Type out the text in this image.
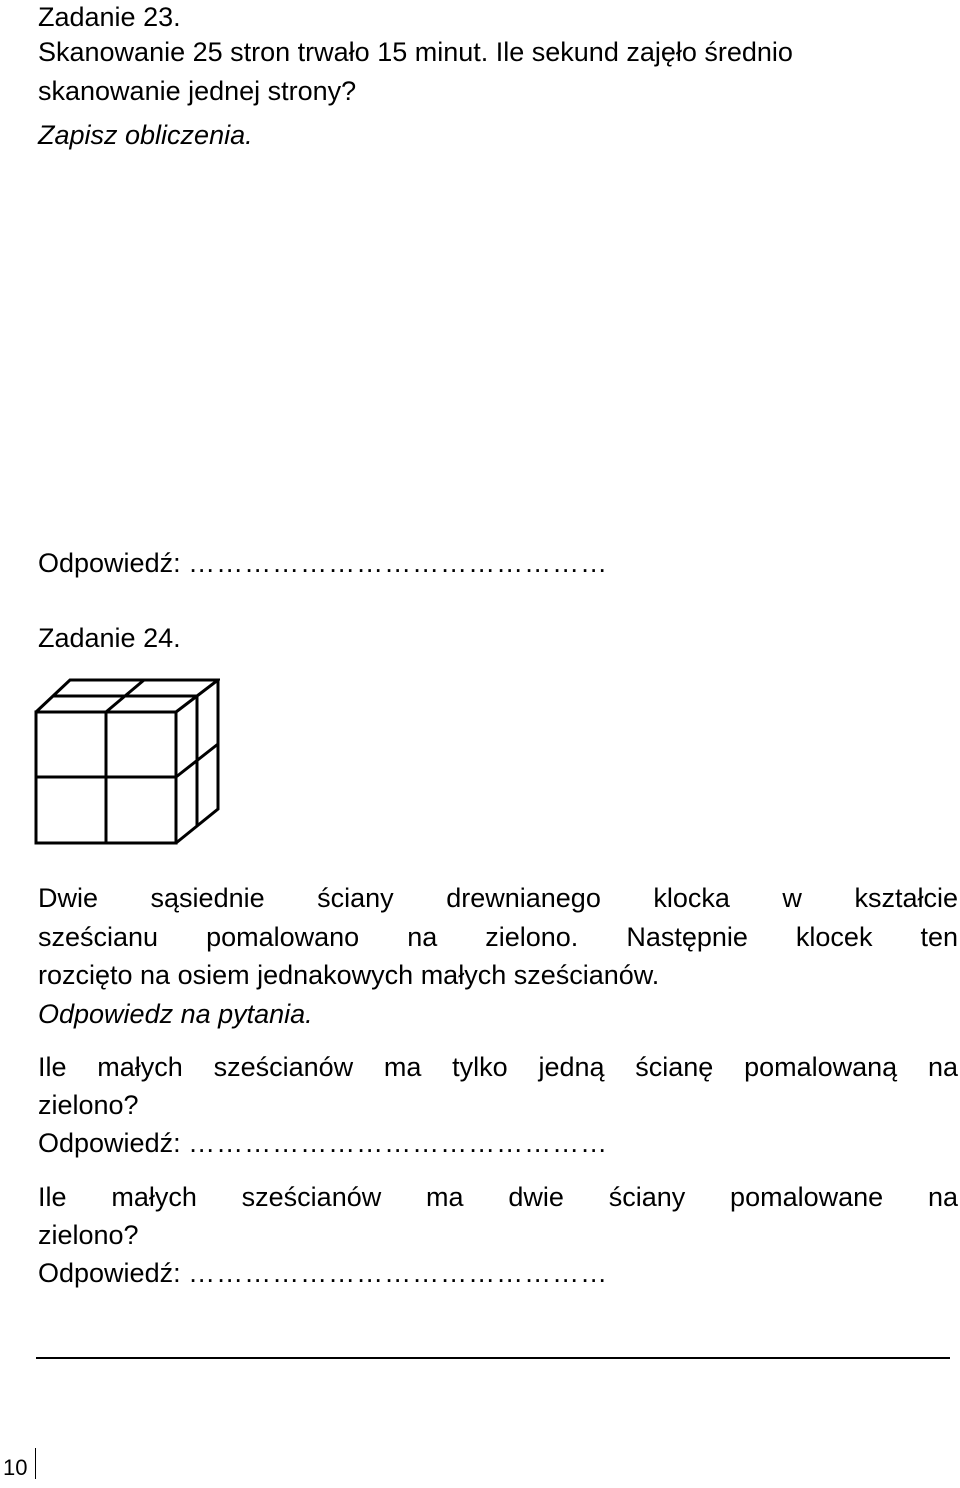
Zadanie 23.
Skanowanie 25 stron trwało 15 minut. Ile sekund zajęło średnio
skanowanie jednej strony?
Zapisz obliczenia.
Odpowiedź: ………………………………………
Zadanie 24.
Dwie sąsiednie ściany drewnianego klocka w kształcie
sześcianu pomalowano na zielono. Następnie klocek ten
rozcięto na osiem jednakowych małych sześcianów.
Odpowiedz na pytania.
Ile małych sześcianów ma tylko jedną ścianę pomalowaną na
zielono?
Odpowiedź: ………………………………………
Ile małych sześcianów ma dwie ściany pomalowane na
zielono?
Odpowiedź: ………………………………………
10
